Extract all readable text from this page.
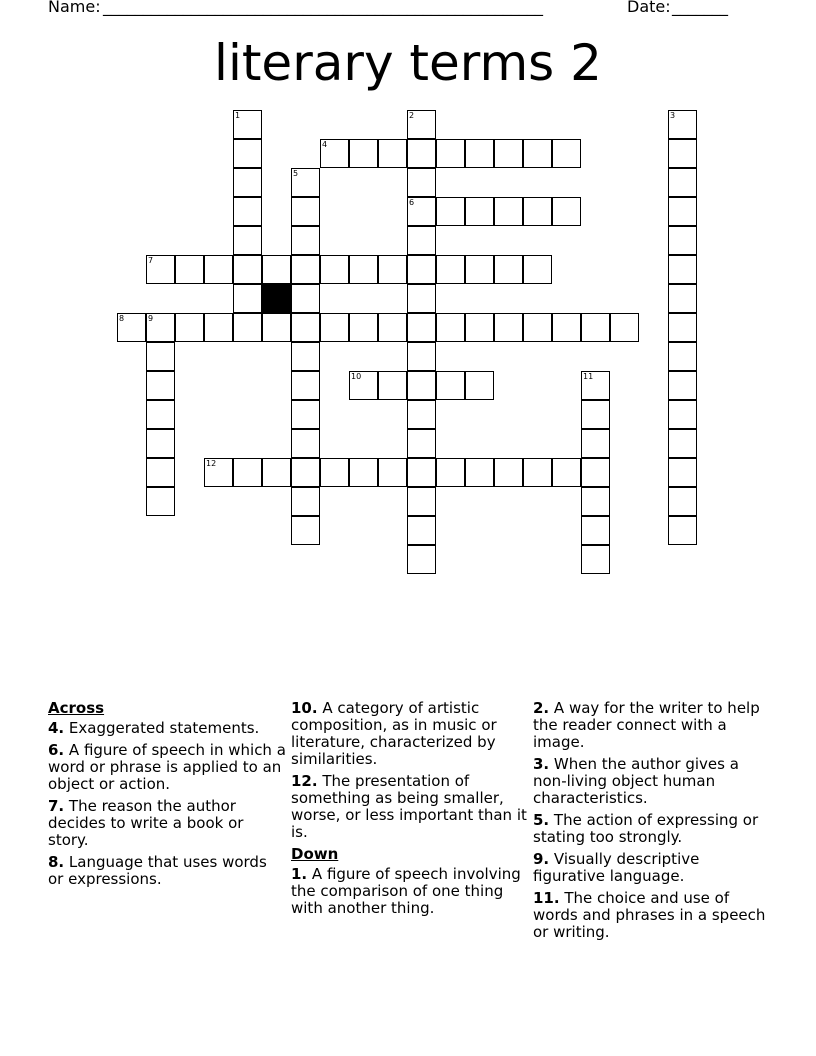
Name: _______________________________________________________	Date: _______
literary terms 2
1	2
6
3
4
5
7
8	9
10	11
12
Across
4. Exaggerated statements.
6. A figure of speech in which a word or phrase is applied to an object or action.
7. The reason the author decides to write a book or story.
8. Language that uses words or expressions.
10. A category of artistic composition, as in music or literature, characterized by similarities.
12. The presentation of something as being smaller, worse, or less important than it is.
Down
1. A figure of speech involving the comparison of one thing with another thing.
2. A way for the writer to help the reader connect with a image.
3. When the author gives a non-living object human characteristics.
5. The action of expressing or stating too strongly.
9. Visually descriptive figurative language.
11. The choice and use of words and phrases in a speech or writing.
